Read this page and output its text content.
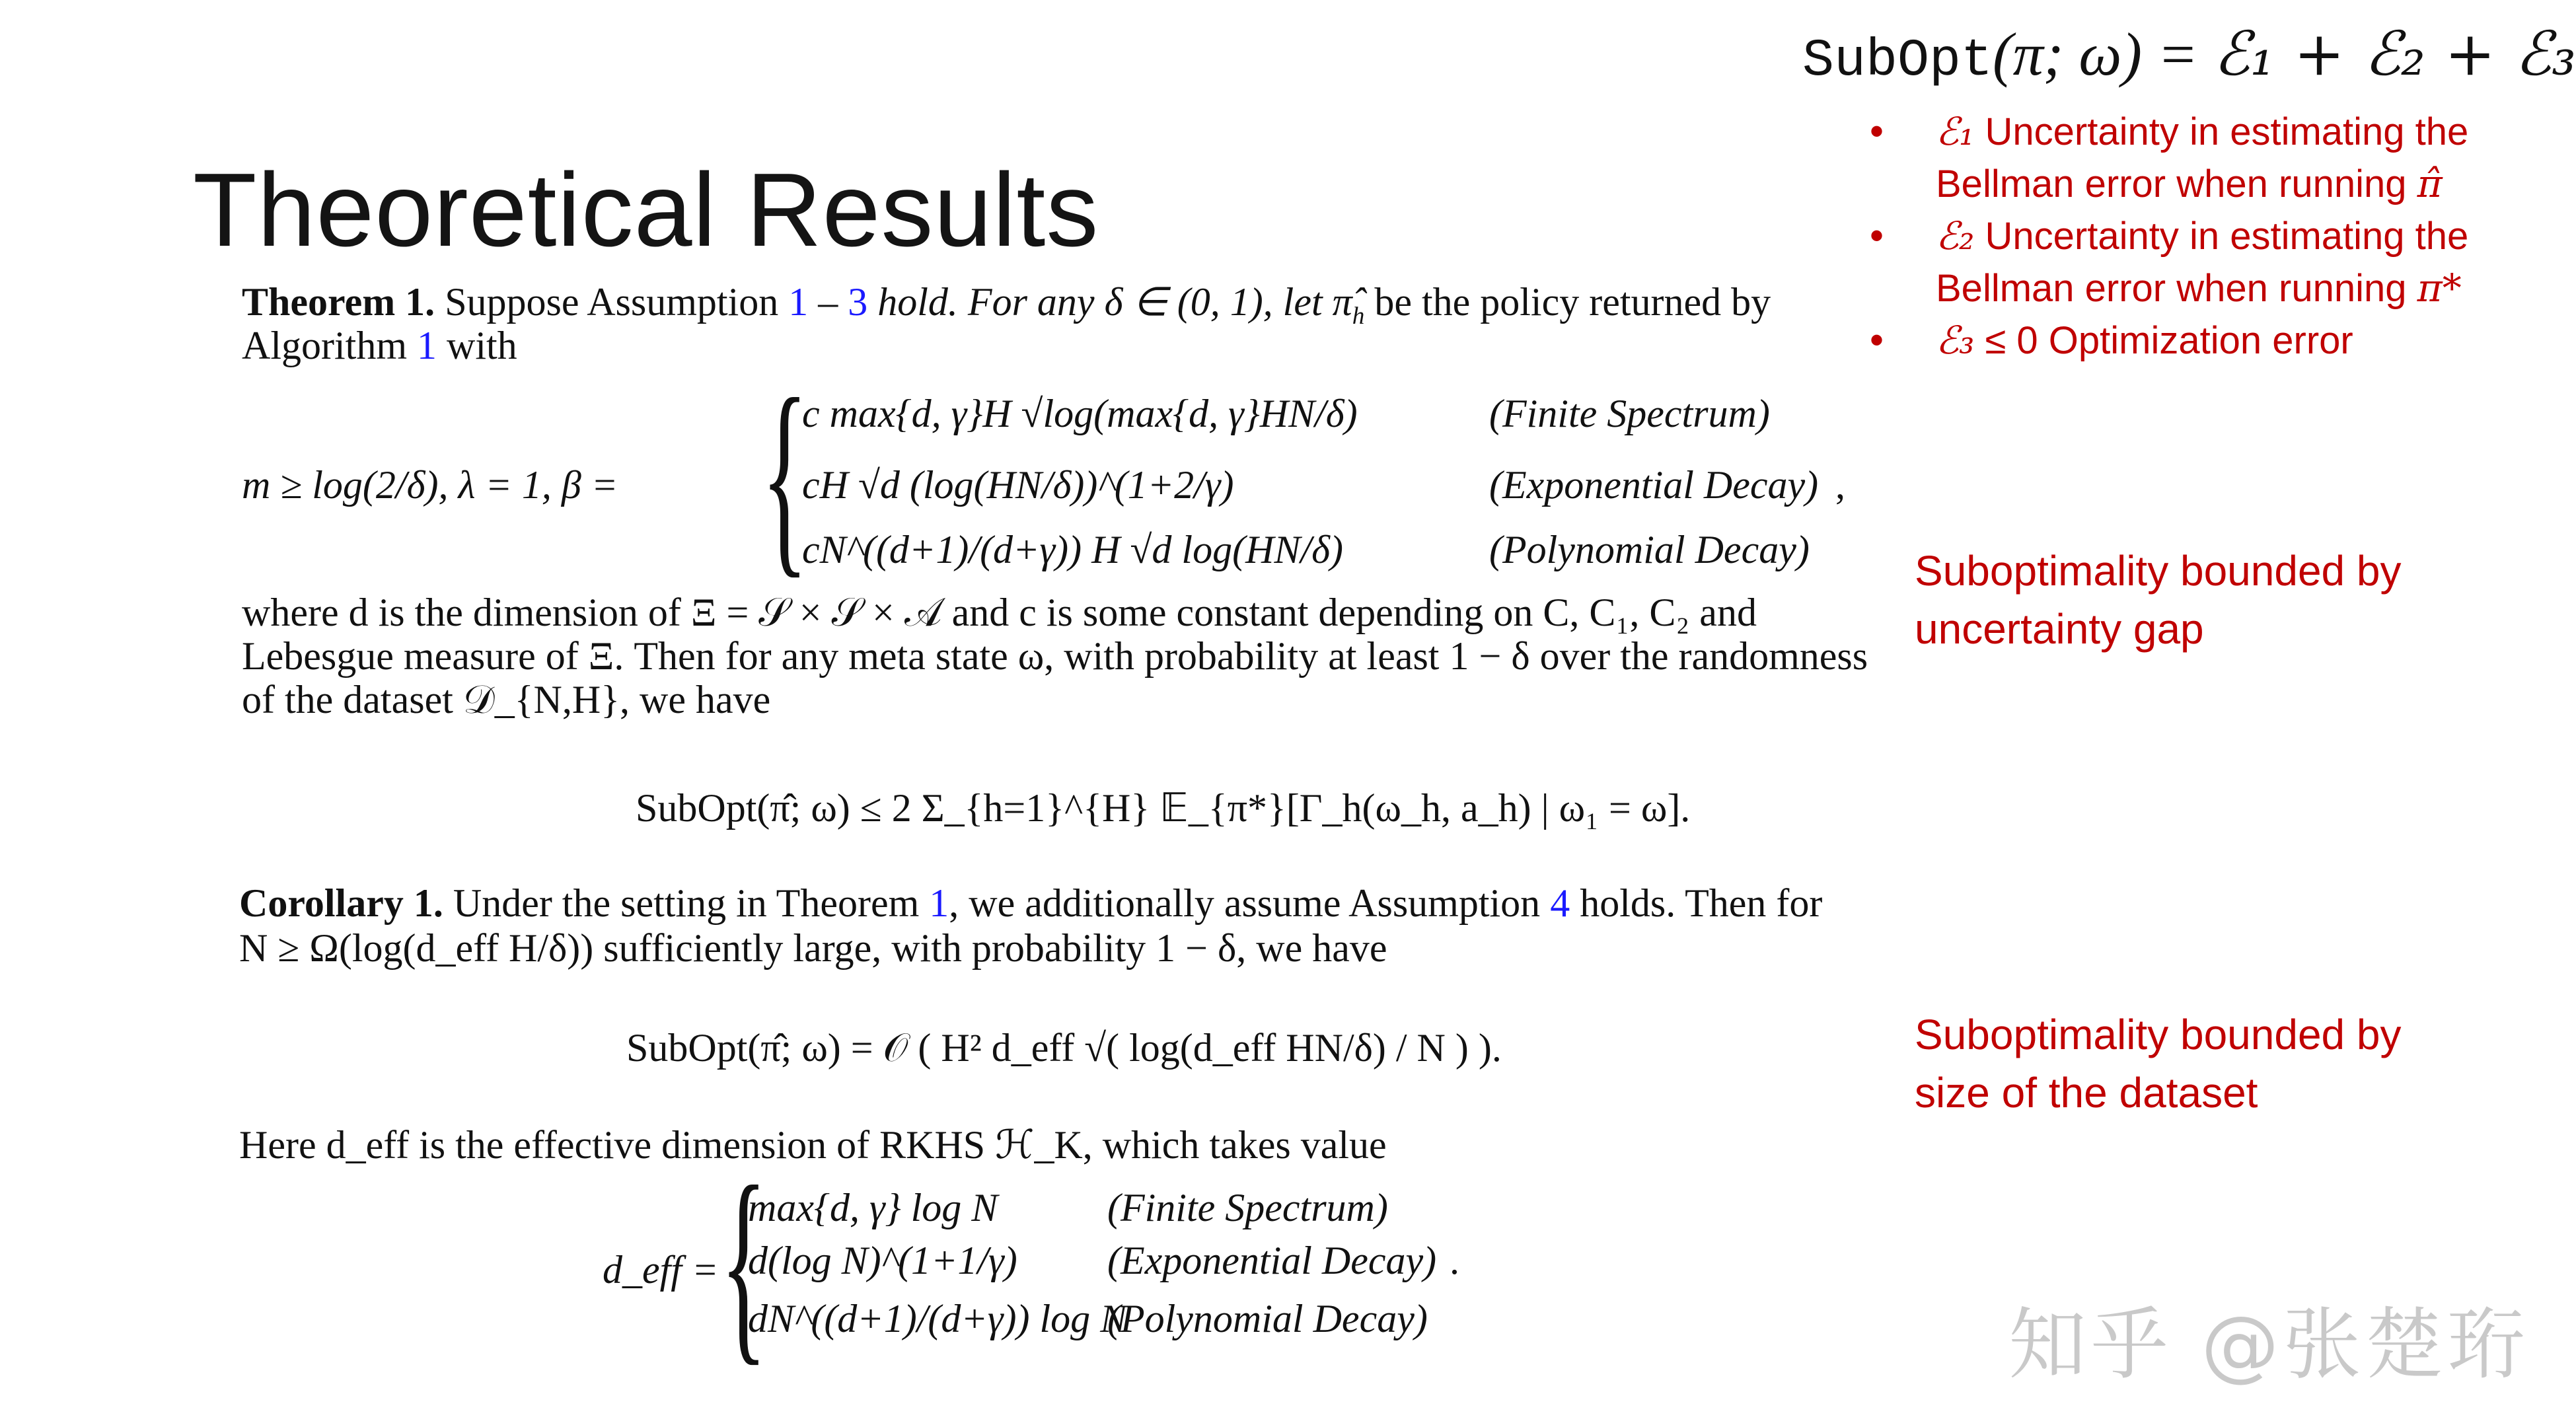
Theoretical Results
SubOpt(π; ω) = ℰ₁ + ℰ₂ + ℰ₃
• ℰ₁ Uncertainty in estimating the
Bellman error when running π̂
• ℰ₂ Uncertainty in estimating the
Bellman error when running π*
• ℰ₃ ≤ 0 Optimization error
Suboptimality bounded by
uncertainty gap
Suboptimality bounded by
size of the dataset
Theorem 1. Suppose Assumption 1 – 3 hold. For any δ ∈ (0, 1), let $\pî_h$ be the policy returned by
Algorithm 1 with
m ≥ log(2/δ), λ = 1, β = {
c max{d, γ}H √log(max{d, γ}HN/δ)
cH √d (log(HN/δ))^(1+2/γ)
cN^((d+1)/(d+γ)) H √d log(HN/δ)
(Finite Spectrum)
(Exponential Decay) ,
(Polynomial Decay)
where d is the dimension of Ξ = 𝒮 × 𝒮 × 𝒜 and c is some constant depending on C, C₁, C₂ and
Lebesgue measure of Ξ. Then for any meta state ω, with probability at least 1 − δ over the randomness
of the dataset 𝒟_{N,H}, we have
SubOpt(π̂; ω) ≤ 2 Σ_{h=1}^{H} 𝔼_{π*}[Γ_h(ω_h, a_h) | ω₁ = ω].
Corollary 1. Under the setting in Theorem 1, we additionally assume Assumption 4 holds. Then for
N ≥ Ω(log(d_eff H/δ)) sufficiently large, with probability 1 − δ, we have
SubOpt(π̂; ω) = 𝒪 ( H² d_eff √( log(d_eff HN/δ) / N ) ).
Here d_eff is the effective dimension of RKHS ℋ_K, which takes value
d_eff = {
max{d, γ} log N
d(log N)^(1+1/γ)
dN^((d+1)/(d+γ)) log N
(Finite Spectrum)
(Exponential Decay) .
(Polynomial Decay)	知乎 @张楚珩
